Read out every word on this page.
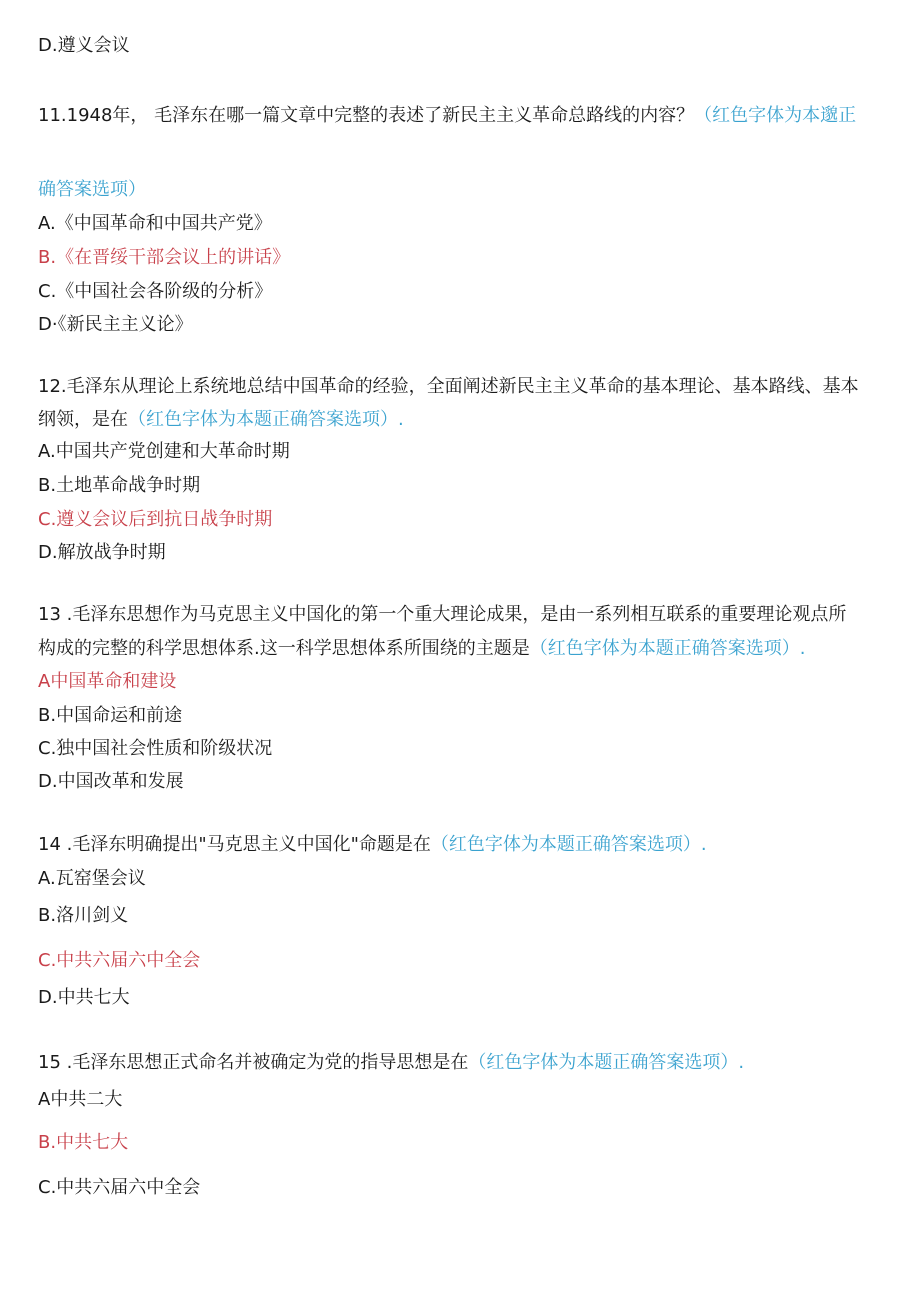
D.遵义会议
11.1948年， 毛泽东在哪一篇文章中完整的表述了新民主主义革命总路线的内容？（红色字体为本邈正
确答案选项）
A.《中国革命和中国共产党》
B.《在晋绥干部会议上的讲话》
C.《中国社会各阶级的分析》
D·《新民主主义论》
12.毛泽东从理论上系统地总结中国革命的经验，全面阐述新民主主义革命的基本理论、基本路线、基本
纲领，是在（红色字体为本题正确答案选项）.
A.中国共产党创建和大革命时期
B.土地革命战争时期
C.遵义会议后到抗日战争时期
D.解放战争时期
13 .毛泽东思想作为马克思主义中国化的第一个重大理论成果，是由一系列相互联系的重要理论观点所
构成的完整的科学思想体系.这一科学思想体系所围绕的主题是（红色字体为本题正确答案选项）.
A中国革命和建设
B.中国命运和前途
C.独中国社会性质和阶级状况
D.中国改革和发展
14 .毛泽东明确提出"马克思主义中国化"命题是在（红色字体为本题正确答案选项）.
A.瓦窑堡会议
B.洛川剑义
C.中共六届六中全会
D.中共七大
15 .毛泽东思想正式命名并被确定为党的指导思想是在（红色字体为本题正确答案选项）.
A中共二大
B.中共七大
C.中共六届六中全会
